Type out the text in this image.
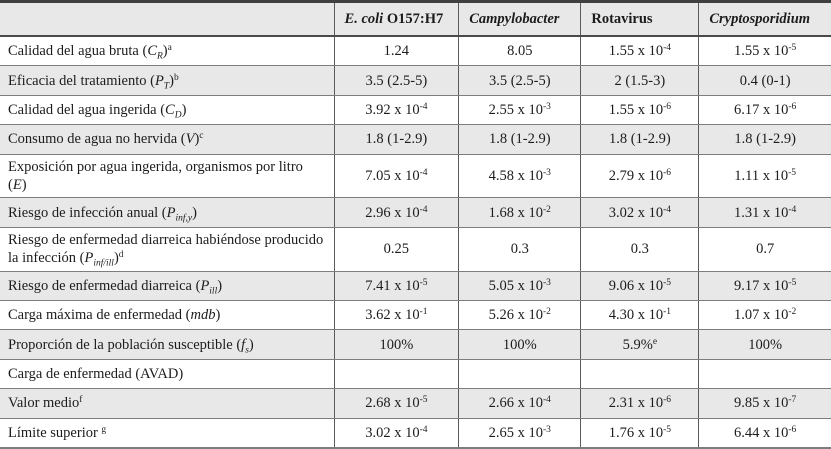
	E. coli O157:H7	Campylobacter	Rotavirus	Cryptosporidium
Calidad del agua bruta $(C_R)^a$	1.24	8.05	1.55 x $10^{-4}$	1.55 x $10^{-5}$
Eficacia del tratamiento $(P_T)^b$	3.5 (2.5-5)	3.5 (2.5-5)	2 (1.5-3)	0.4 (0-1)
Calidad del agua ingerida $(C_D)$	3.92 x $10^{-4}$	2.55 x $10^{-3}$	1.55 x $10^{-6}$	6.17 x $10^{-6}$
Consumo de agua no hervida $(V)^c$	1.8 (1-2.9)	1.8 (1-2.9)	1.8 (1-2.9)	1.8 (1-2.9)
Exposición por agua ingerida, organismos por litro (E)	7.05 x $10^{-4}$	4.58 x $10^{-3}$	2.79 x $10^{-6}$	1.11 x $10^{-5}$
Riesgo de infección anual $(P_{inf,y})$	2.96 x $10^{-4}$	1.68 x $10^{-2}$	3.02 x $10^{-4}$	1.31 x $10^{-4}$
Riesgo de enfermedad diarreica habiéndose producido la infección $(P_{inf/ill})^d$	0.25	0.3	0.3	0.7
Riesgo de enfermedad diarreica $(P_{ill})$	7.41 x $10^{-5}$	5.05 x $10^{-3}$	9.06 x $10^{-5}$	9.17 x $10^{-5}$
Carga máxima de enfermedad (mdb)	3.62 x $10^{-1}$	5.26 x $10^{-2}$	4.30 x $10^{-1}$	1.07 x $10^{-2}$
Proporción de la población susceptible $(f_s)$	100%	100%	5.9%$^e$	100%
Carga de enfermedad (AVAD)				
Valor medio$^f$	2.68 x $10^{-5}$	2.66 x $10^{-4}$	2.31 x $10^{-6}$	9.85 x $10^{-7}$
Límite superior $^g$	3.02 x $10^{-4}$	2.65 x $10^{-3}$	1.76 x $10^{-5}$	6.44 x $10^{-6}$
